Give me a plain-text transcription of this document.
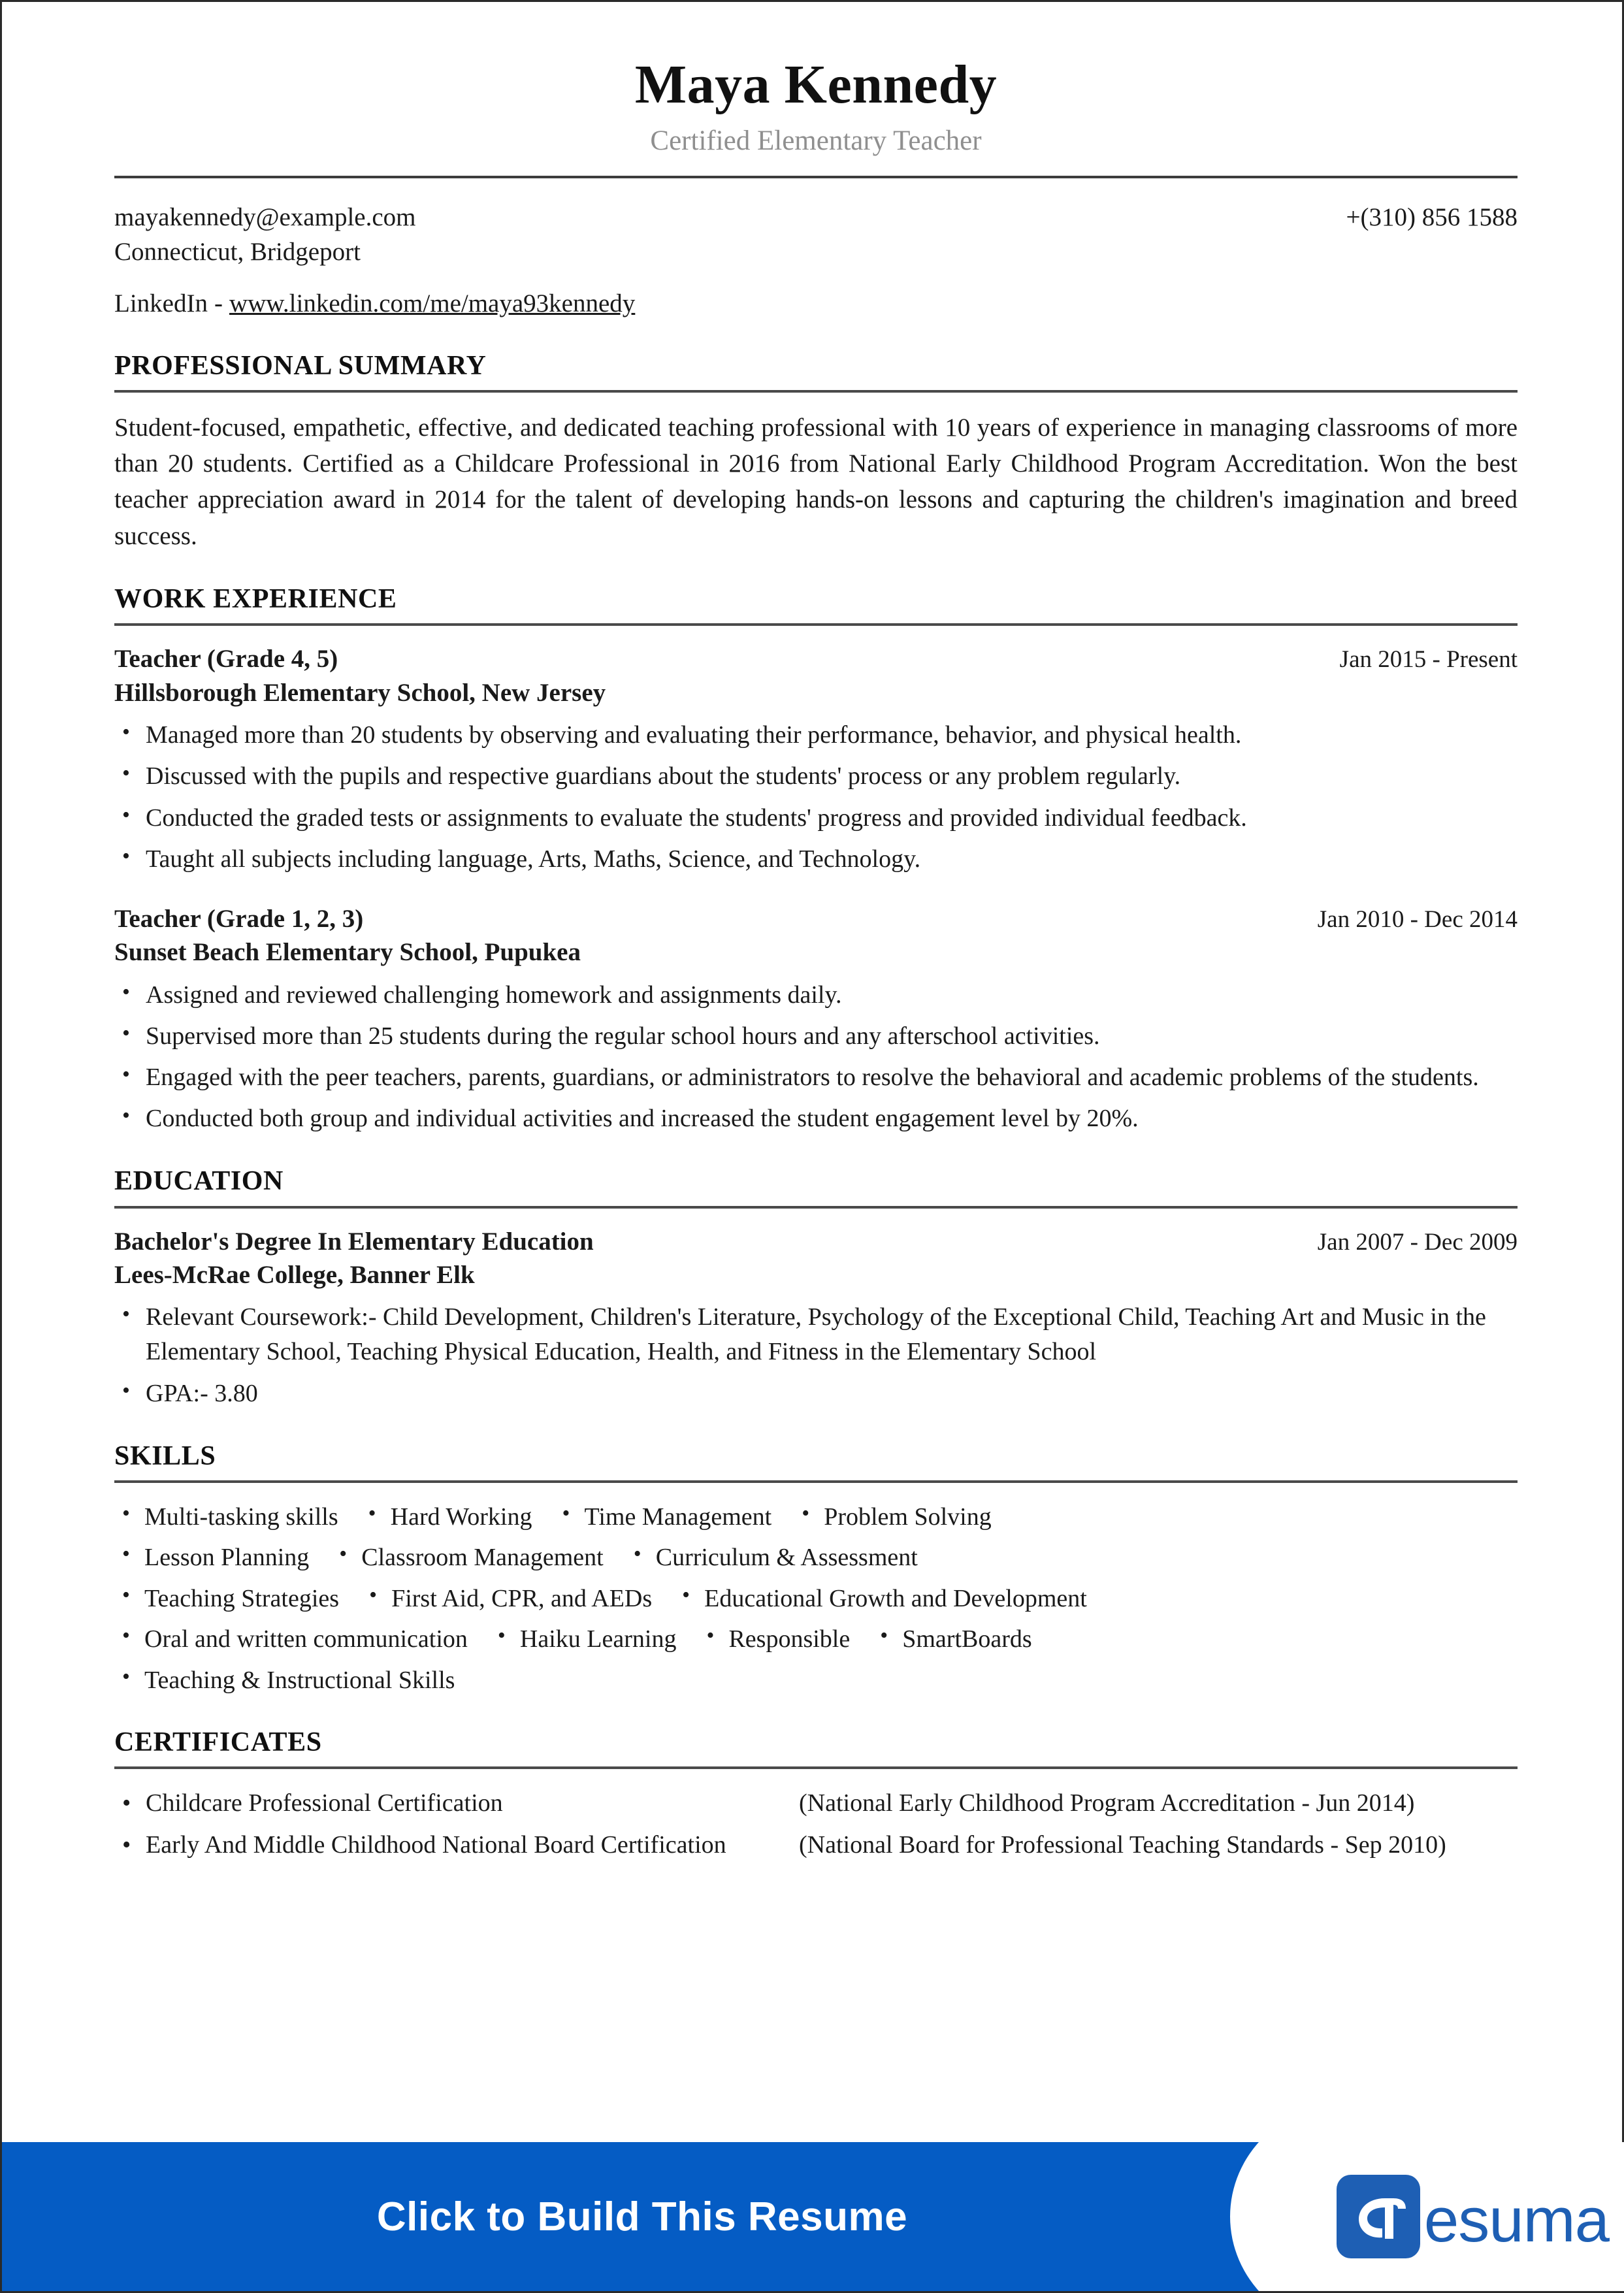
Maya Kennedy
Certified Elementary Teacher
mayakennedy@example.com
Connecticut, Bridgeport
+(310) 856 1588
LinkedIn - www.linkedin.com/me/maya93kennedy
PROFESSIONAL SUMMARY
Student-focused, empathetic, effective, and dedicated teaching professional with 10 years of experience in managing classrooms of more than 20 students. Certified as a Childcare Professional in 2016 from National Early Childhood Program Accreditation. Won the best teacher appreciation award in 2014 for the talent of developing hands-on lessons and capturing the children's imagination and breed success.
WORK EXPERIENCE
Teacher (Grade 4, 5)	Jan 2015 - Present
Hillsborough Elementary School, New Jersey
• Managed more than 20 students by observing and evaluating their performance, behavior, and physical health.
• Discussed with the pupils and respective guardians about the students' process or any problem regularly.
• Conducted the graded tests or assignments to evaluate the students' progress and provided individual feedback.
• Taught all subjects including language, Arts, Maths, Science, and Technology.
Teacher (Grade 1, 2, 3)	Jan 2010 - Dec 2014
Sunset Beach Elementary School, Pupukea
• Assigned and reviewed challenging homework and assignments daily.
• Supervised more than 25 students during the regular school hours and any afterschool activities.
• Engaged with the peer teachers, parents, guardians, or administrators to resolve the behavioral and academic problems of the students.
• Conducted both group and individual activities and increased the student engagement level by 20%.
EDUCATION
Bachelor's Degree In Elementary Education	Jan 2007 - Dec 2009
Lees-McRae College, Banner Elk
• Relevant Coursework:- Child Development, Children's Literature, Psychology of the Exceptional Child, Teaching Art and Music in the Elementary School, Teaching Physical Education, Health, and Fitness in the Elementary School
• GPA:- 3.80
SKILLS
• Multi-tasking skills	• Hard Working	• Time Management	• Problem Solving
• Lesson Planning	• Classroom Management	• Curriculum & Assessment
• Teaching Strategies	• First Aid, CPR, and AEDs	• Educational Growth and Development
• Oral and written communication	• Haiku Learning	• Responsible	• SmartBoards
• Teaching & Instructional Skills
CERTIFICATES
• Childcare Professional Certification	(National Early Childhood Program Accreditation - Jun 2014)
• Early And Middle Childhood National Board Certification	(National Board for Professional Teaching Standards - Sep 2010)
Click to Build This Resume	esuma
